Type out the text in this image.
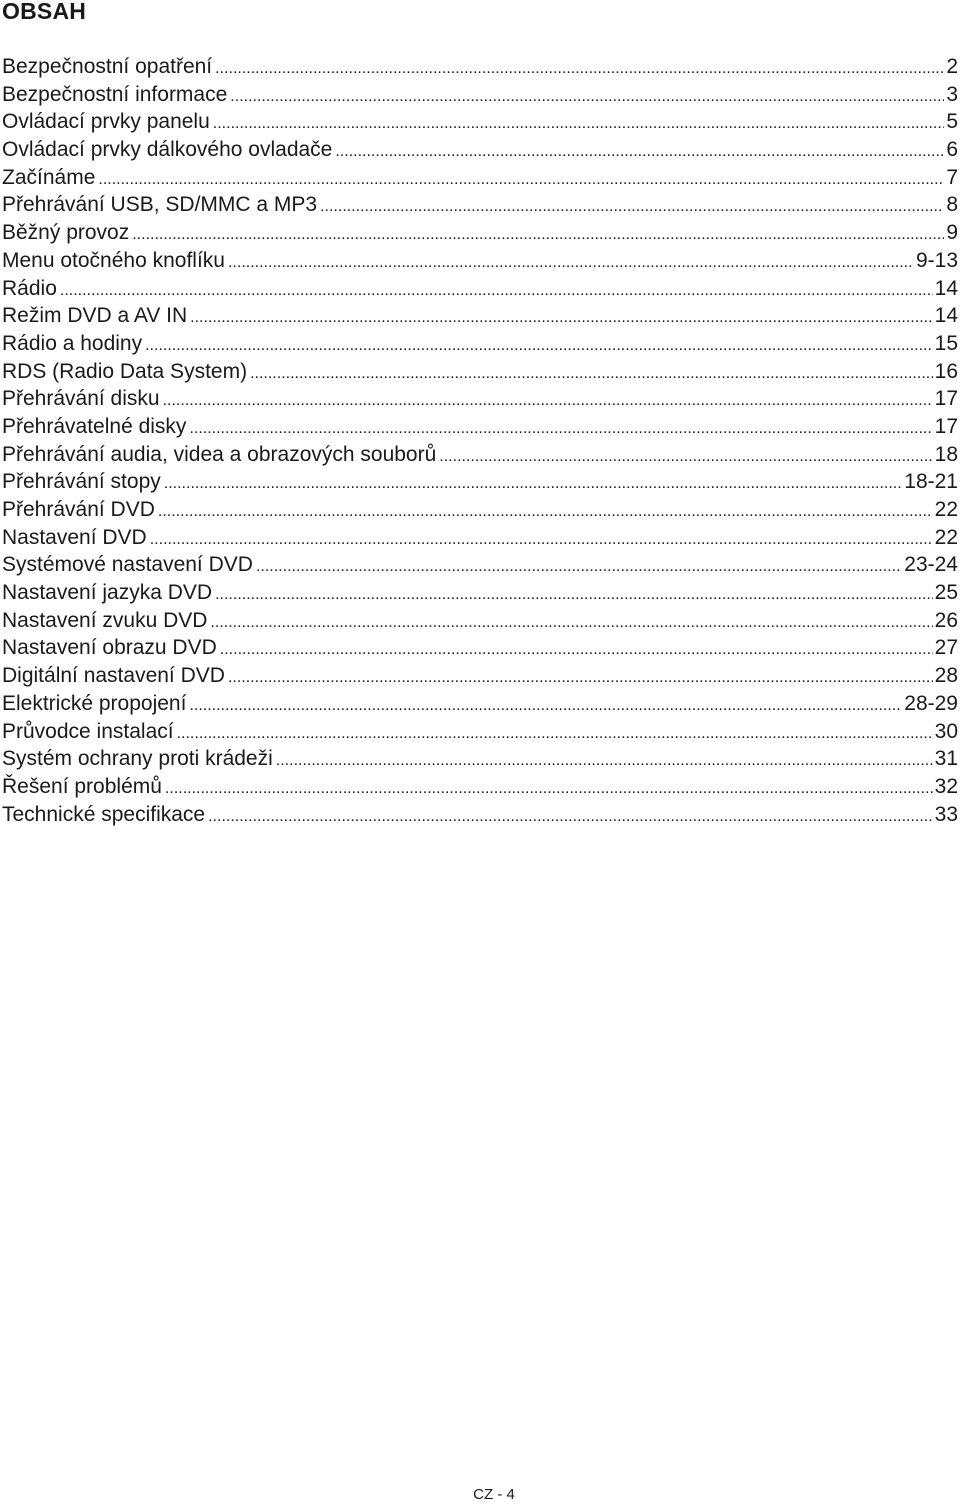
OBSAH
Bezpečnostní opatření .....	2
Bezpečnostní informace .....	3
Ovládací prvky panelu .....	5
Ovládací prvky dálkového ovladače .....	6
Začínáme .....	7
Přehrávání USB, SD/MMC a MP3 .....	8
Běžný provoz .....	9
Menu otočného knoflíku .....	9-13
Rádio .....	14
Režim DVD a AV IN .....	14
Rádio a hodiny .....	15
RDS (Radio Data System) .....	16
Přehrávání disku .....	17
Přehrávatelné disky .....	17
Přehrávání audia, videa a obrazových souborů .....	18
Přehrávání stopy .....	18-21
Přehrávání DVD .....	22
Nastavení DVD .....	22
Systémové nastavení DVD .....	23-24
Nastavení jazyka DVD .....	25
Nastavení zvuku DVD .....	26
Nastavení obrazu DVD .....	27
Digitální nastavení DVD .....	28
Elektrické propojení .....	28-29
Průvodce instalací .....	30
Systém ochrany proti krádeži .....	31
Řešení problémů .....	32
Technické specifikace .....	33

CZ - 4
